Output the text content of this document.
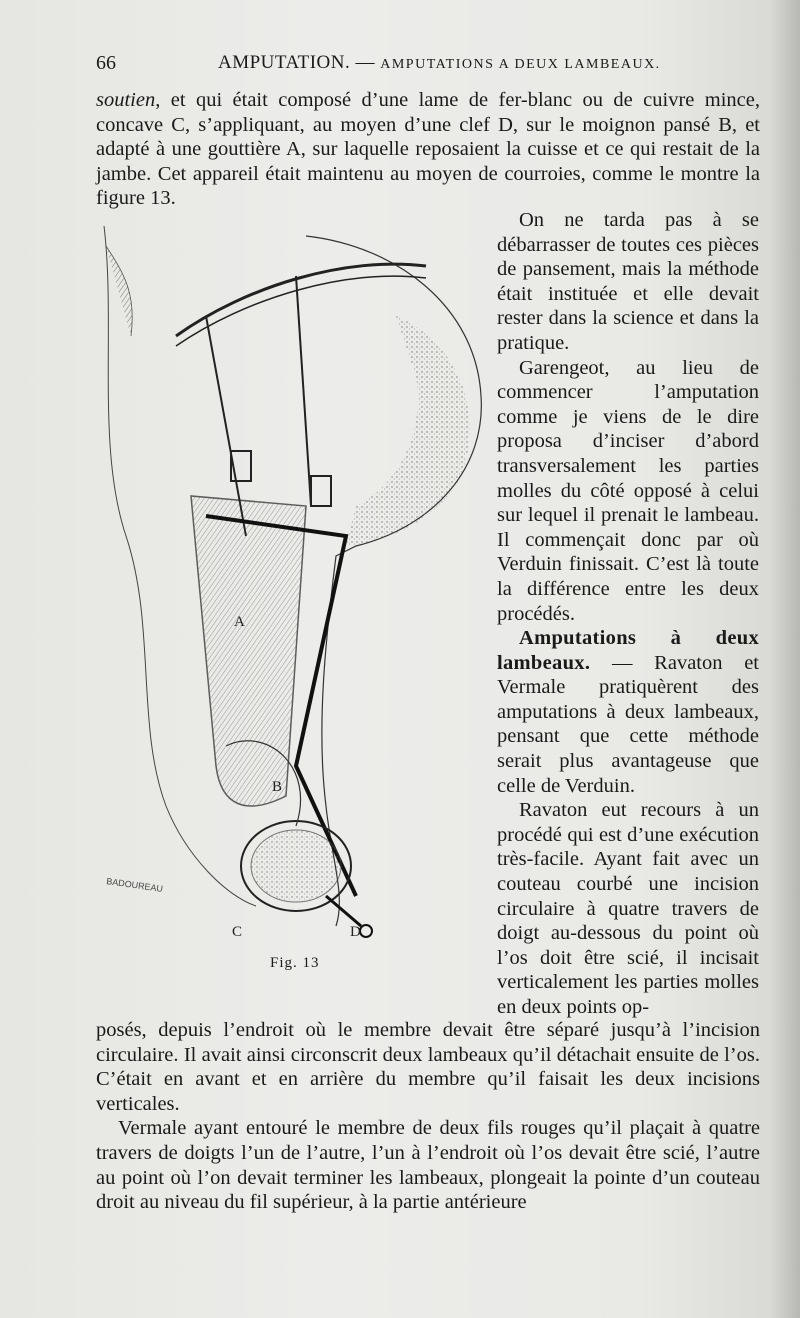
66	AMPUTATION. — AMPUTATIONS A DEUX LAMBEAUX.

soutien, et qui était composé d’une lame de fer-blanc ou de cuivre mince, concave C, s’appliquant, au moyen d’une clef D, sur le moignon pansé B, et adapté à une gouttière A, sur laquelle reposaient la cuisse et ce qui restait de la jambe. Cet appareil était maintenu au moyen de courroies, comme le montre la figure 13.

A
B
C	D
BADOUREAU
Fig. 13

On ne tarda pas à se débarrasser de toutes ces pièces de pansement, mais la méthode était instituée et elle devait rester dans la science et dans la pratique.

Garengeot, au lieu de commencer l’amputation comme je viens de le dire proposa d’inciser d’abord transversalement les parties molles du côté opposé à celui sur lequel il prenait le lambeau. Il commençait donc par où Verduin finissait. C’est là toute la différence entre les deux procédés.

Amputations à deux lambeaux. — Ravaton et Vermale pratiquèrent des amputations à deux lambeaux, pensant que cette méthode serait plus avantageuse que celle de Verduin.

Ravaton eut recours à un procédé qui est d’une exécution très-facile. Ayant fait avec un couteau courbé une incision circulaire à quatre travers de doigt au-dessous du point où l’os doit être scié, il incisait verticalement les parties molles en deux points op-

posés, depuis l’endroit où le membre devait être séparé jusqu’à l’incision circulaire. Il avait ainsi circonscrit deux lambeaux qu’il détachait ensuite de l’os. C’était en avant et en arrière du membre qu’il faisait les deux incisions verticales.

Vermale ayant entouré le membre de deux fils rouges qu’il plaçait à quatre travers de doigts l’un de l’autre, l’un à l’endroit où l’os devait être scié, l’autre au point où l’on devait terminer les lambeaux, plongeait la pointe d’un couteau droit au niveau du fil supérieur, à la partie antérieure
